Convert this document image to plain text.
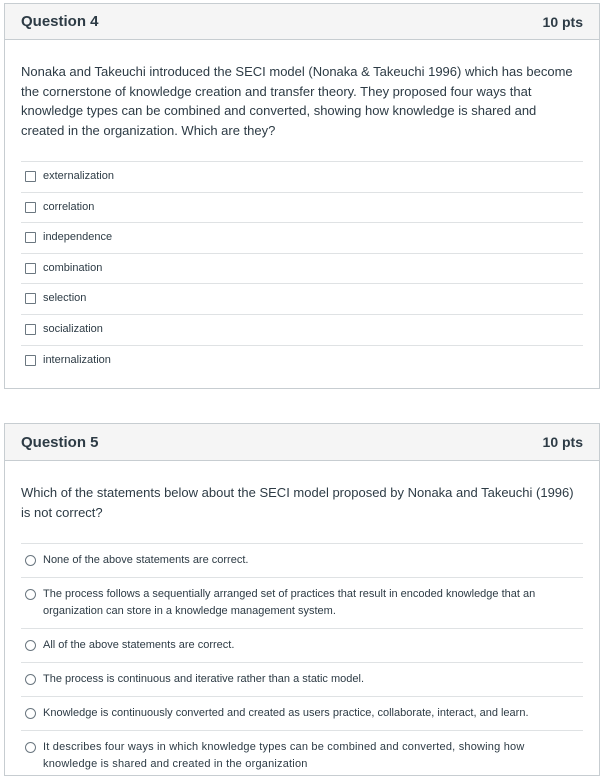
Question 4	10 pts
Nonaka and Takeuchi introduced the SECI model (Nonaka & Takeuchi 1996) which has become the cornerstone of knowledge creation and transfer theory. They proposed four ways that knowledge types can be combined and converted, showing how knowledge is shared and created in the organization. Which are they?
externalization
correlation
independence
combination
selection
socialization
internalization
Question 5	10 pts
Which of the statements below about the SECI model proposed by Nonaka and Takeuchi (1996) is not correct?
None of the above statements are correct.
The process follows a sequentially arranged set of practices that result in encoded knowledge that an organization can store in a knowledge management system.
All of the above statements are correct.
The process is continuous and iterative rather than a static model.
Knowledge is continuously converted and created as users practice, collaborate, interact, and learn.
It describes four ways in which knowledge types can be combined and converted, showing how knowledge is shared and created in the organization
